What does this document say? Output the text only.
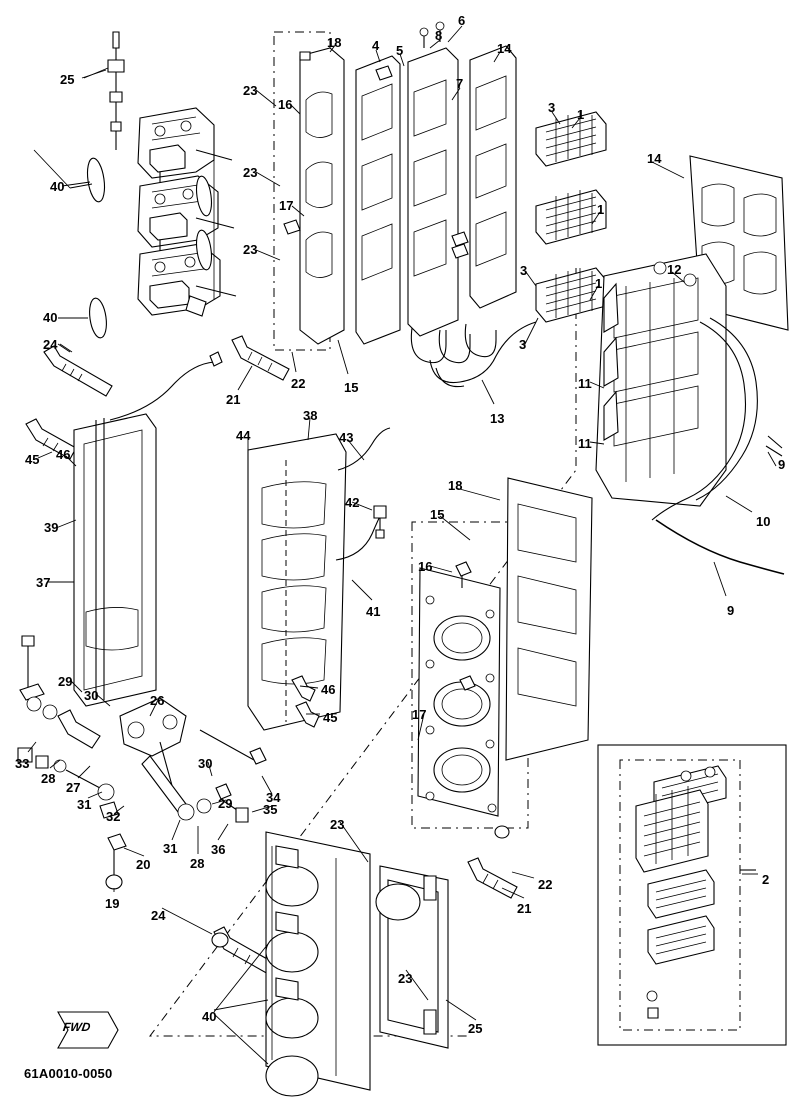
61A0010-0050
FWD
25
18 4 5
8
6
14
7
3 1
23
16
23
14
40
1
17
23
3	12
1
40
24	3
11
11
9
21
22	15
13
10
38
43
44
45 46
42
18
39
15
16
37
41	9
29
30	26
46
45	17
33
28
27
30
29	34
31
32	35
31
28
36
23
2
20
22
19	21
24
23
40
25
